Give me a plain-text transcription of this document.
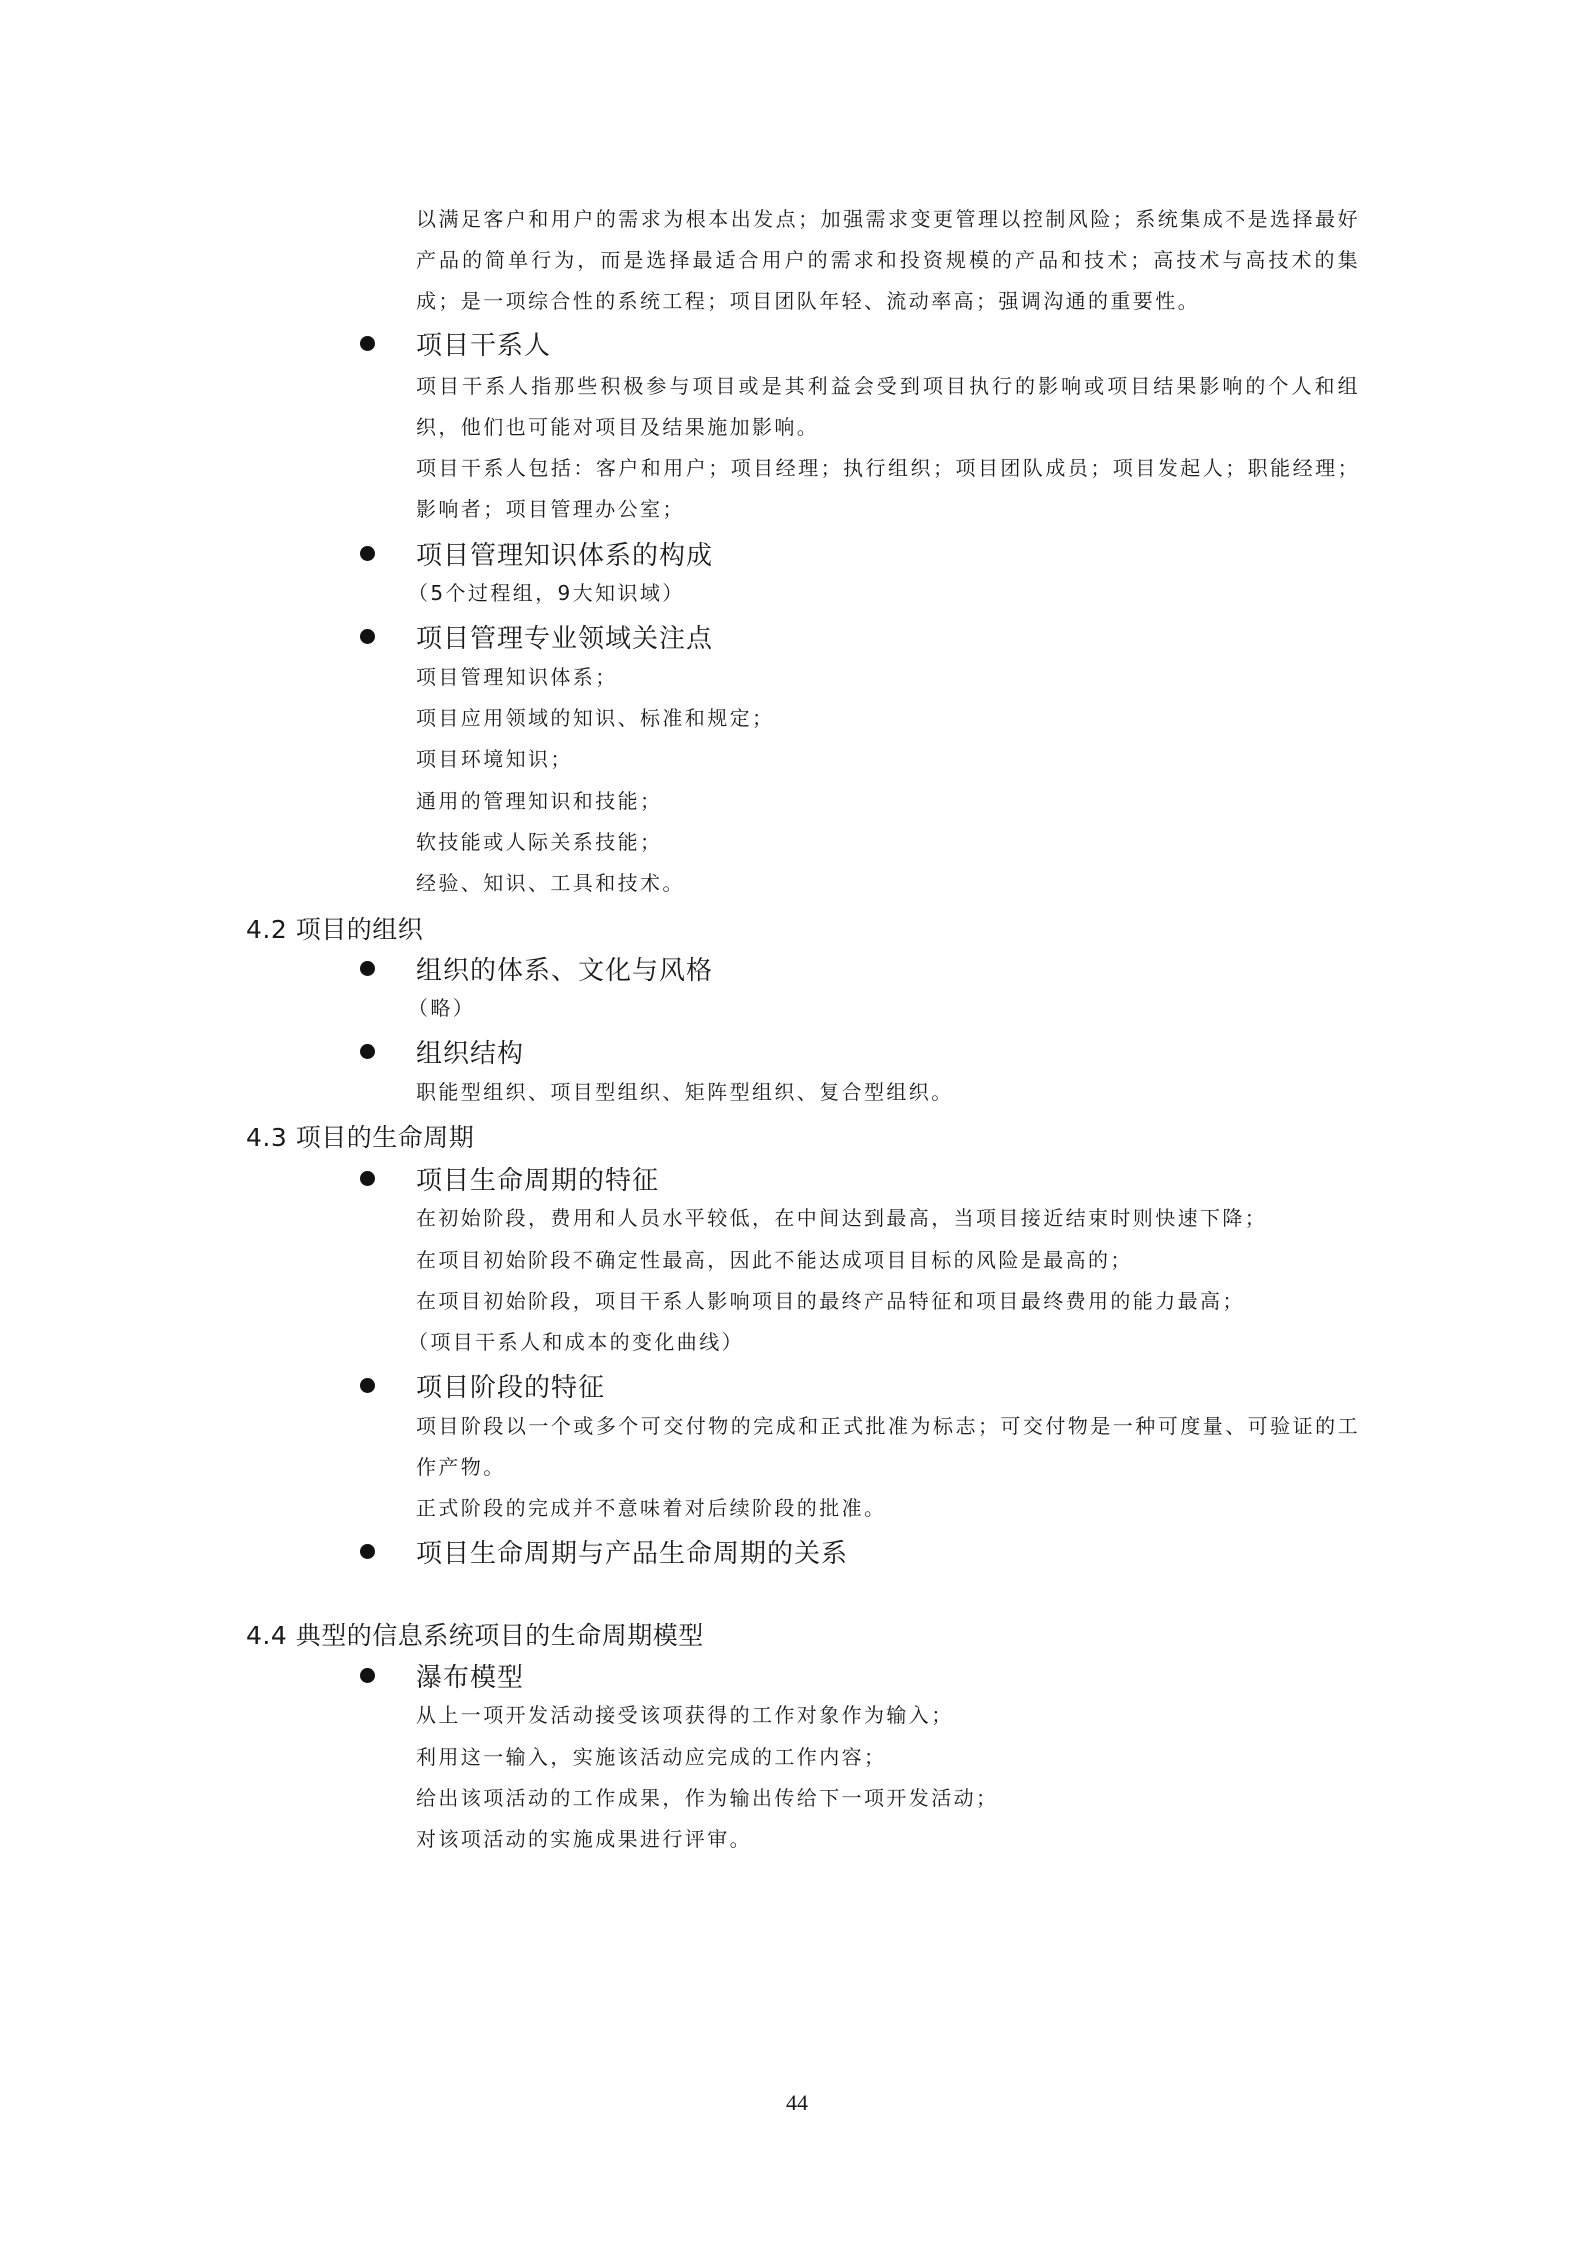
以满足客户和用户的需求为根本出发点；加强需求变更管理以控制风险；系统集成不是选择最好产品的简单行为，而是选择最适合用户的需求和投资规模的产品和技术；高技术与高技术的集成；是一项综合性的系统工程；项目团队年轻、流动率高；强调沟通的重要性。

项目干系人

项目干系人指那些积极参与项目或是其利益会受到项目执行的影响或项目结果影响的个人和组织，他们也可能对项目及结果施加影响。

项目干系人包括：客户和用户；项目经理；执行组织；项目团队成员；项目发起人；职能经理；影响者；项目管理办公室；

项目管理知识体系的构成

（5个过程组，9大知识域）

项目管理专业领域关注点

项目管理知识体系；

项目应用领域的知识、标准和规定；

项目环境知识；

通用的管理知识和技能；

软技能或人际关系技能；

经验、知识、工具和技术。

4.2 项目的组织
组织的体系、文化与风格

（略）

组织结构

职能型组织、项目型组织、矩阵型组织、复合型组织。

4.3 项目的生命周期
项目生命周期的特征

在初始阶段，费用和人员水平较低，在中间达到最高，当项目接近结束时则快速下降；

在项目初始阶段不确定性最高，因此不能达成项目目标的风险是最高的；

在项目初始阶段，项目干系人影响项目的最终产品特征和项目最终费用的能力最高；

（项目干系人和成本的变化曲线）

项目阶段的特征

项目阶段以一个或多个可交付物的完成和正式批准为标志；可交付物是一种可度量、可验证的工作产物。

正式阶段的完成并不意味着对后续阶段的批准。

项目生命周期与产品生命周期的关系
4.4 典型的信息系统项目的生命周期模型
瀑布模型

从上一项开发活动接受该项获得的工作对象作为输入；

利用这一输入，实施该活动应完成的工作内容；

给出该项活动的工作成果，作为输出传给下一项开发活动；

对该项活动的实施成果进行评审。

44
